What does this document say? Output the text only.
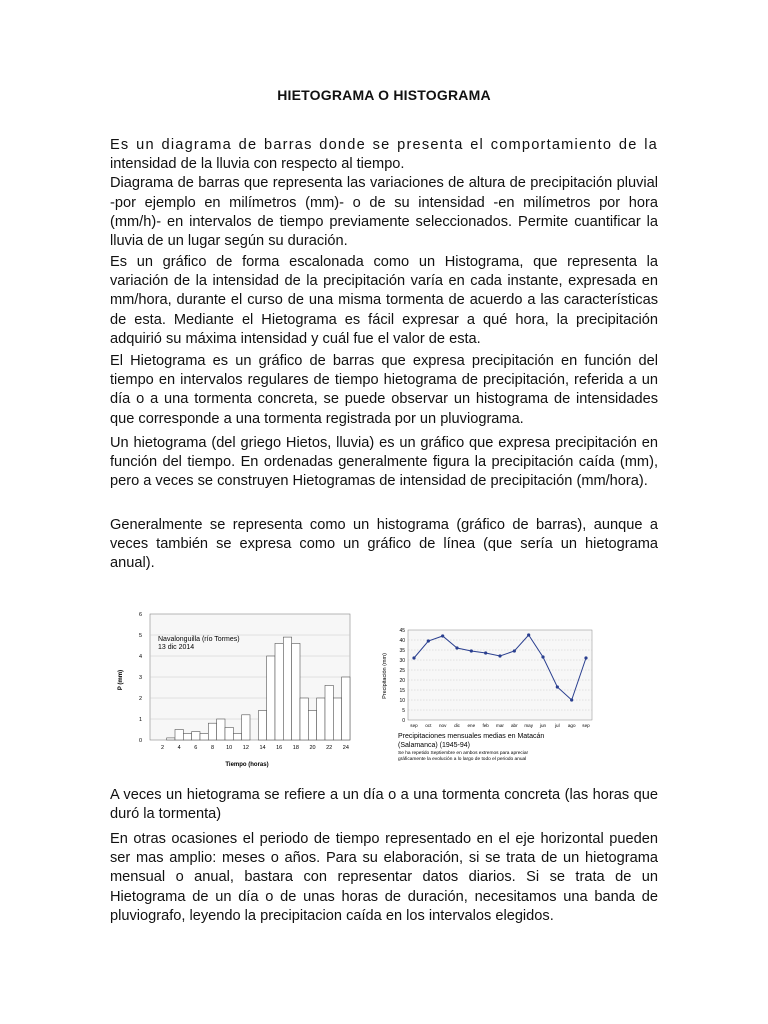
HIETOGRAMA O HISTOGRAMA
Es un diagrama de barras donde se presenta el comportamiento de la intensidad de la lluvia con respecto al tiempo.
Diagrama de barras que representa las variaciones de altura de precipitación pluvial -por ejemplo en milímetros (mm)- o de su intensidad -en milímetros por hora (mm/h)- en intervalos de tiempo previamente seleccionados. Permite cuantificar la lluvia de un lugar según su duración.

Es un gráfico de forma escalonada como un Histograma, que representa la variación de la intensidad de la precipitación varía en cada instante, expresada en mm/hora, durante el curso de una misma tormenta de acuerdo a las características de esta. Mediante el Hietograma es fácil expresar a qué hora, la precipitación adquirió su máxima intensidad y cuál fue el valor de esta.

El Hietograma es un gráfico de barras que expresa precipitación en función del tiempo en intervalos regulares de tiempo hietograma de precipitación, referida a un día o a una tormenta concreta, se puede observar un histograma de intensidades que corresponde a una tormenta registrada por un pluviograma.

Un hietograma (del griego Hietos, lluvia) es un gráfico que expresa precipitación en función del tiempo. En ordenadas generalmente figura la precipitación caída (mm), pero a veces se construyen Hietogramas de intensidad de precipitación (mm/hora).

Generalmente se representa como un histograma (gráfico de barras), aunque a veces también se expresa como un gráfico de línea (que sería un hietograma anual).

0
1
2
3
4
5
6
2 4 6 8 10 12 14 16 18 20 22 24
P (mm)
Tiempo (horas)
Navalonguilla (río Tormes)
13 dic 2014
0
5
10
15
20
25
30
35
40
45
sep oct nov dic ene feb mar abr may jun jul ago sep
Precipitación (mm)
Precipitaciones mensuales medias en Matacán
(Salamanca) (1945-94)
Se ha repetido Septiembre en ambos extremos para apreciar
gráficamente la evolución a lo largo de todo el periodo anual

A veces un hietograma se refiere a un día o a una tormenta concreta (las horas que duró la tormenta)

En otras ocasiones el periodo de tiempo representado en el eje horizontal pueden ser mas amplio: meses o años. Para su elaboración, si se trata de un hietograma mensual o anual, bastara con representar datos diarios. Si se trata de un Hietograma de un día o de unas horas de duración, necesitamos una banda de pluviografo, leyendo la precipitacion caída en los intervalos elegidos.
